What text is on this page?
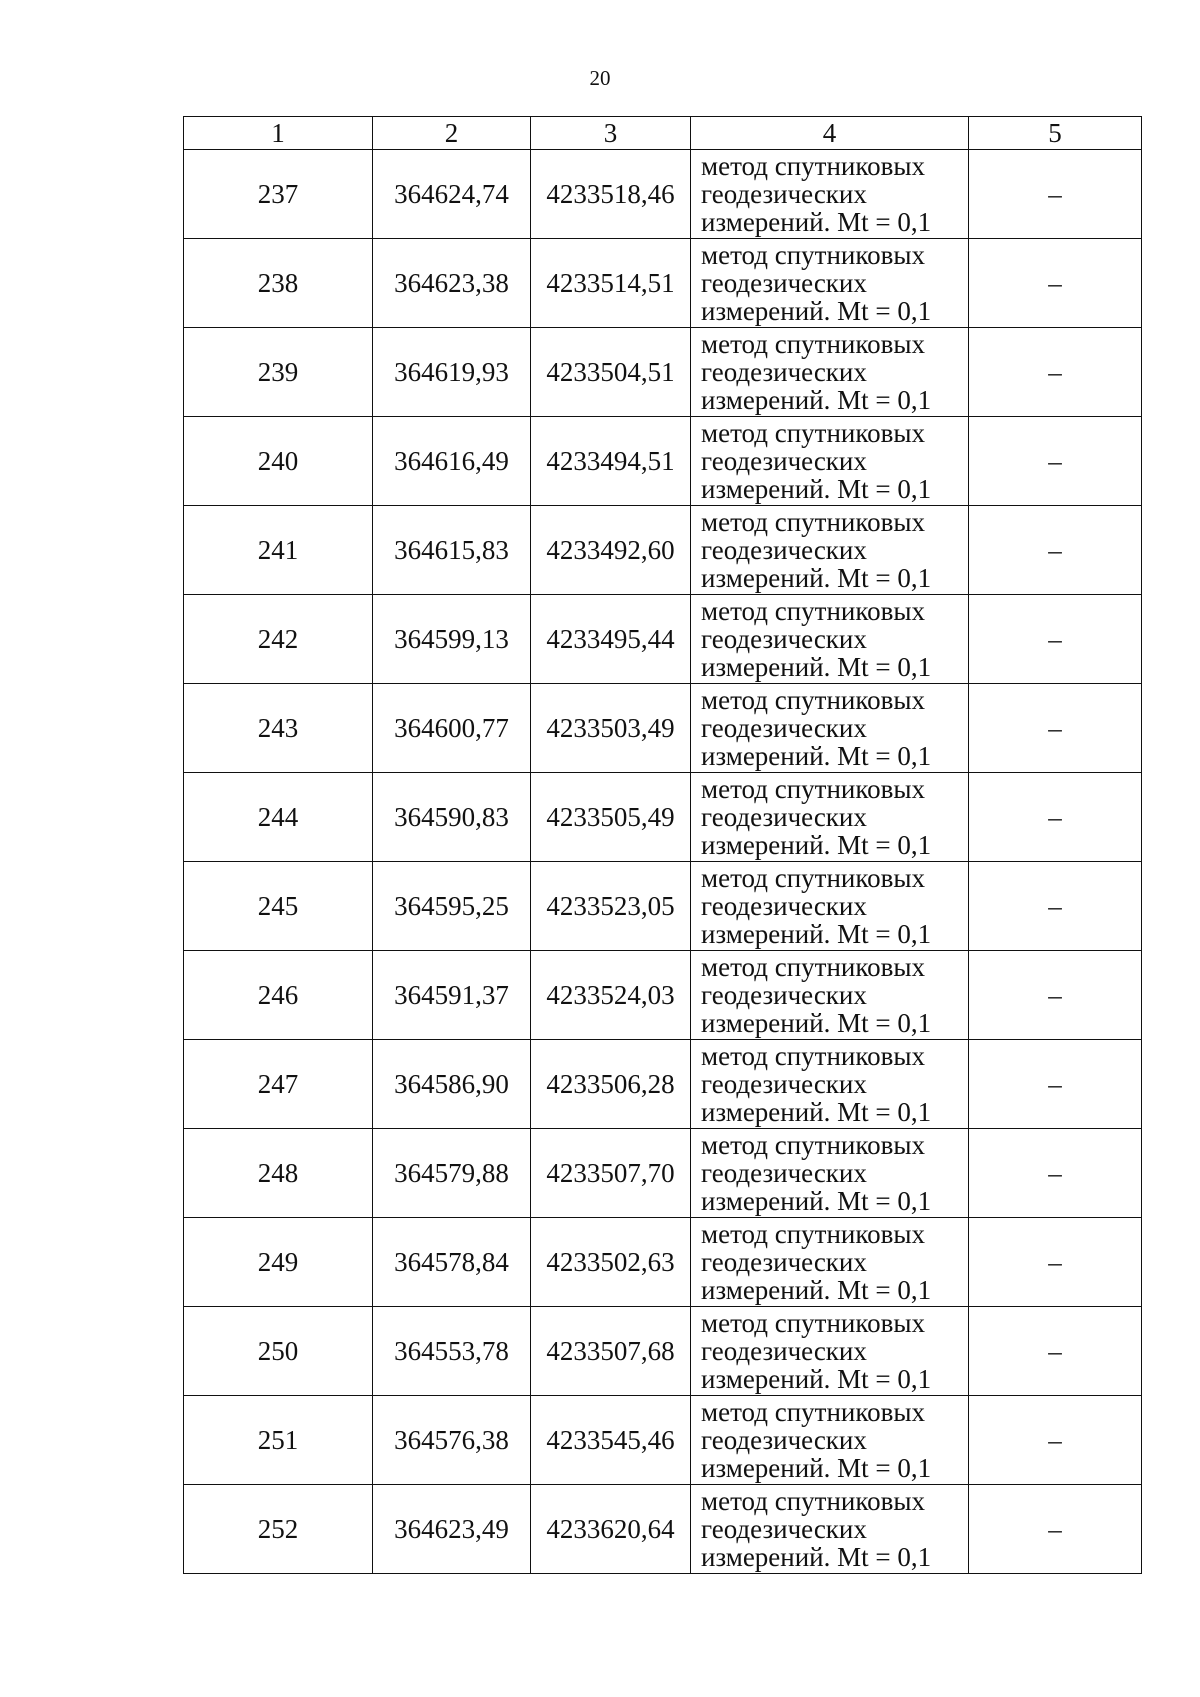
20
1	2	3	4	5
237	364624,74	4233518,46	метод спутниковых
геодезических
измерений. Mt = 0,1	–
238	364623,38	4233514,51	метод спутниковых
геодезических
измерений. Mt = 0,1	–
239	364619,93	4233504,51	метод спутниковых
геодезических
измерений. Mt = 0,1	–
240	364616,49	4233494,51	метод спутниковых
геодезических
измерений. Mt = 0,1	–
241	364615,83	4233492,60	метод спутниковых
геодезических
измерений. Mt = 0,1	–
242	364599,13	4233495,44	метод спутниковых
геодезических
измерений. Mt = 0,1	–
243	364600,77	4233503,49	метод спутниковых
геодезических
измерений. Mt = 0,1	–
244	364590,83	4233505,49	метод спутниковых
геодезических
измерений. Mt = 0,1	–
245	364595,25	4233523,05	метод спутниковых
геодезических
измерений. Mt = 0,1	–
246	364591,37	4233524,03	метод спутниковых
геодезических
измерений. Mt = 0,1	–
247	364586,90	4233506,28	метод спутниковых
геодезических
измерений. Mt = 0,1	–
248	364579,88	4233507,70	метод спутниковых
геодезических
измерений. Mt = 0,1	–
249	364578,84	4233502,63	метод спутниковых
геодезических
измерений. Mt = 0,1	–
250	364553,78	4233507,68	метод спутниковых
геодезических
измерений. Mt = 0,1	–
251	364576,38	4233545,46	метод спутниковых
геодезических
измерений. Mt = 0,1	–
252	364623,49	4233620,64	метод спутниковых
геодезических
измерений. Mt = 0,1	–
